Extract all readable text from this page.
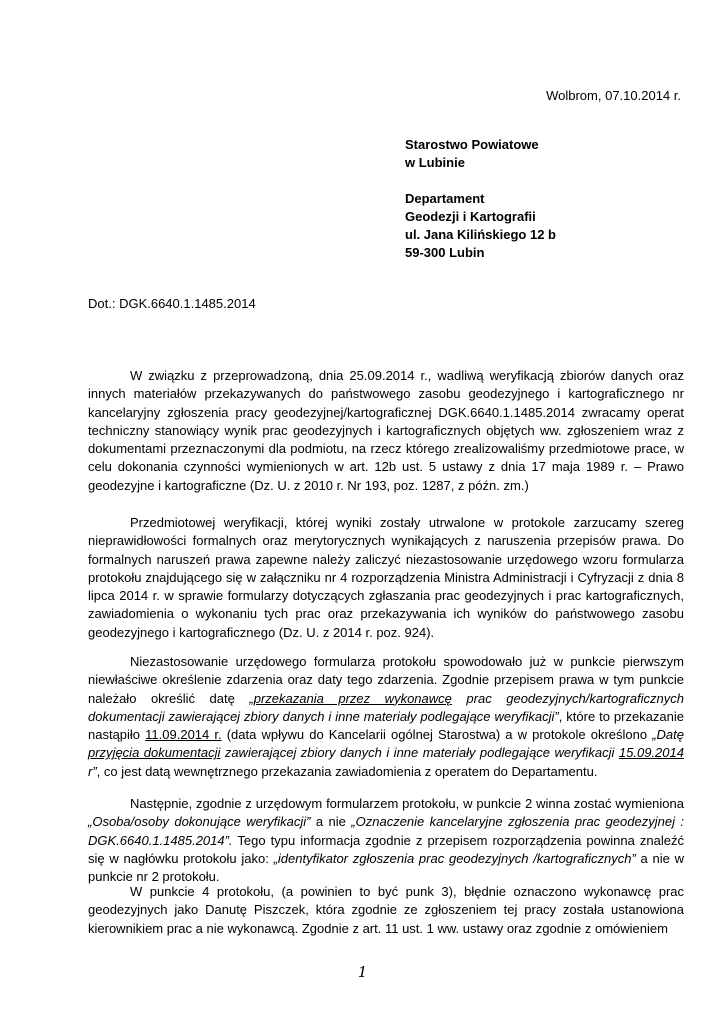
Wolbrom, 07.10.2014 r.
Starostwo Powiatowe
w Lubinie
Departament
Geodezji i Kartografii
ul. Jana Kilińskiego 12 b
59-300 Lubin
Dot.: DGK.6640.1.1485.2014

W związku z przeprowadzoną, dnia 25.09.2014 r., wadliwą weryfikacją zbiorów danych oraz innych materiałów przekazywanych do państwowego zasobu geodezyjnego i kartograficznego nr kancelaryjny zgłoszenia pracy geodezyjnej/kartograficznej DGK.6640.1.1485.2014 zwracamy operat techniczny stanowiący wynik prac geodezyjnych i kartograficznych objętych ww. zgłoszeniem wraz z dokumentami przeznaczonymi dla podmiotu, na rzecz którego zrealizowaliśmy przedmiotowe prace, w celu dokonania czynności wymienionych w art. 12b ust. 5 ustawy z dnia 17 maja 1989 r. – Prawo geodezyjne i kartograficzne (Dz. U. z 2010 r. Nr 193, poz. 1287, z późn. zm.)

Przedmiotowej weryfikacji, której wyniki zostały utrwalone w protokole zarzucamy szereg nieprawidłowości formalnych oraz merytorycznych wynikających z naruszenia przepisów prawa. Do formalnych naruszeń prawa zapewne należy zaliczyć niezastosowanie urzędowego wzoru formularza protokołu znajdującego się w załączniku nr 4 rozporządzenia Ministra Administracji i Cyfryzacji z dnia 8 lipca 2014 r. w sprawie formularzy dotyczących zgłaszania prac geodezyjnych i prac kartograficznych, zawiadomienia o wykonaniu tych prac oraz przekazywania ich wyników do państwowego zasobu geodezyjnego i kartograficznego (Dz. U. z 2014 r. poz. 924).

Niezastosowanie urzędowego formularza protokołu spowodowało już w punkcie pierwszym niewłaściwe określenie zdarzenia oraz daty tego zdarzenia. Zgodnie przepisem prawa w tym punkcie należało określić datę „przekazania przez wykonawcę prac geodezyjnych/kartograficznych dokumentacji zawierającej zbiory danych i inne materiały podlegające weryfikacji”, które to przekazanie nastąpiło 11.09.2014 r. (data wpływu do Kancelarii ogólnej Starostwa) a w protokole określono „Datę przyjęcia dokumentacji zawierającej zbiory danych i inne materiały podlegające weryfikacji 15.09.2014 r”, co jest datą wewnętrznego przekazania zawiadomienia z operatem do Departamentu.

Następnie, zgodnie z urzędowym formularzem protokołu, w punkcie 2 winna zostać wymieniona „Osoba/osoby dokonujące weryfikacji” a nie „Oznaczenie kancelaryjne zgłoszenia prac geodezyjnej : DGK.6640.1.1485.2014”. Tego typu informacja zgodnie z przepisem rozporządzenia powinna znaleźć się w nagłówku protokołu jako: „identyfikator zgłoszenia prac geodezyjnych /kartograficznych” a nie w punkcie nr 2 protokołu.

W punkcie 4 protokołu, (a powinien to być punk 3), błędnie oznaczono wykonawcę prac geodezyjnych jako Danutę Piszczek, która zgodnie ze zgłoszeniem tej pracy została ustanowiona kierownikiem prac a nie wykonawcą. Zgodnie z art. 11 ust. 1 ww. ustawy oraz zgodnie z omówieniem

1
